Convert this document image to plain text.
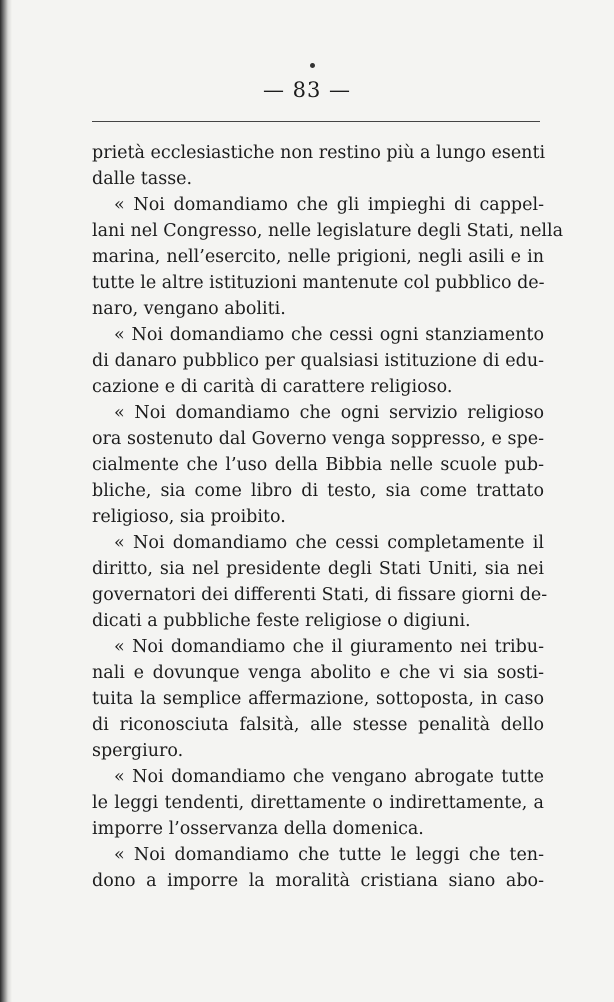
— 83 —
prietà ecclesiastiche non restino più a lungo esenti
dalle tasse.
« Noi domandiamo che gli impieghi di cappel-
lani nel Congresso, nelle legislature degli Stati, nella
marina, nell’esercito, nelle prigioni, negli asili e in
tutte le altre istituzioni mantenute col pubblico de-
naro, vengano aboliti.
« Noi domandiamo che cessi ogni stanziamento
di danaro pubblico per qualsiasi istituzione di edu-
cazione e di carità di carattere religioso.
« Noi domandiamo che ogni servizio religioso
ora sostenuto dal Governo venga soppresso, e spe-
cialmente che l’uso della Bibbia nelle scuole pub-
bliche, sia come libro di testo, sia come trattato
religioso, sia proibito.
« Noi domandiamo che cessi completamente il
diritto, sia nel presidente degli Stati Uniti, sia nei
governatori dei differenti Stati, di fissare giorni de-
dicati a pubbliche feste religiose o digiuni.
« Noi domandiamo che il giuramento nei tribu-
nali e dovunque venga abolito e che vi sia sosti-
tuita la semplice affermazione, sottoposta, in caso
di riconosciuta falsità, alle stesse penalità dello
spergiuro.
« Noi domandiamo che vengano abrogate tutte
le leggi tendenti, direttamente o indirettamente, a
imporre l’osservanza della domenica.
« Noi domandiamo che tutte le leggi che ten-
dono a imporre la moralità cristiana siano abo-
